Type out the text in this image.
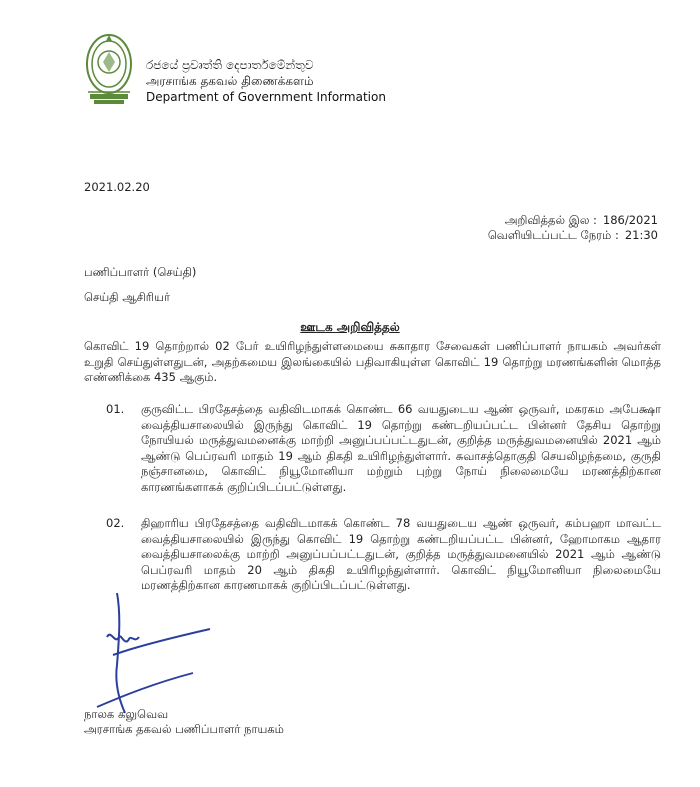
රජයේ ප්‍රවෘත්ති දෙපාර්තමේන්තුව
அரசாங்க தகவல் திணைக்களம்
Department of Government Information
2021.02.20
அறிவித்தல் இல : 186/2021
வெளியிடப்பட்ட நேரம் : 21:30
பணிப்பாளர் (செய்தி)
செய்தி ஆசிரியர்
ஊடக அறிவித்தல்
கொவிட் 19 தொற்றால் 02 பேர் உயிரிழந்துள்ளமையை சுகாதார சேவைகள் பணிப்பாளர் நாயகம் அவர்கள் உறுதி செய்துள்ளதுடன், அதற்கமைய இலங்கையில் பதிவாகியுள்ள கொவிட் 19 தொற்று மரணங்களின் மொத்த எண்ணிக்கை 435 ஆகும்.
01. குருவிட்ட பிரதேசத்தை வதிவிடமாகக் கொண்ட 66 வயதுடைய ஆண் ஒருவர், மகரகம அபேக்ஷா வைத்தியசாலையில் இருந்து கொவிட் 19 தொற்று கண்டறியப்பட்ட பின்னர் தேசிய தொற்று நோயியல் மருத்துவமனைக்கு மாற்றி அனுப்பப்பட்டதுடன், குறித்த மருத்துவமனையில் 2021 ஆம் ஆண்டு பெப்ரவரி மாதம் 19 ஆம் திகதி உயிரிழந்துள்ளார். சுவாசத்தொகுதி செயலிழந்தமை, குருதி நஞ்சானமை, கொவிட் நியூமோனியா மற்றும் புற்று நோய் நிலைமையே மரணத்திற்கான காரணங்களாகக் குறிப்பிடப்பட்டுள்ளது.
02. திஹாரிய பிரதேசத்தை வதிவிடமாகக் கொண்ட 78 வயதுடைய ஆண் ஒருவர், கம்பஹா மாவட்ட வைத்தியசாலையில் இருந்து கொவிட் 19 தொற்று கண்டறியப்பட்ட பின்னர், ஹோமாகம ஆதார வைத்தியசாலைக்கு மாற்றி அனுப்பப்பட்டதுடன், குறித்த மருத்துவமனையில் 2021 ஆம் ஆண்டு பெப்ரவரி மாதம் 20 ஆம் திகதி உயிரிழந்துள்ளார். கொவிட் நியூமோனியா நிலைமையே மரணத்திற்கான காரணமாகக் குறிப்பிடப்பட்டுள்ளது.
நாலக கலுவெவ
அரசாங்க தகவல் பணிப்பாளர் நாயகம்
